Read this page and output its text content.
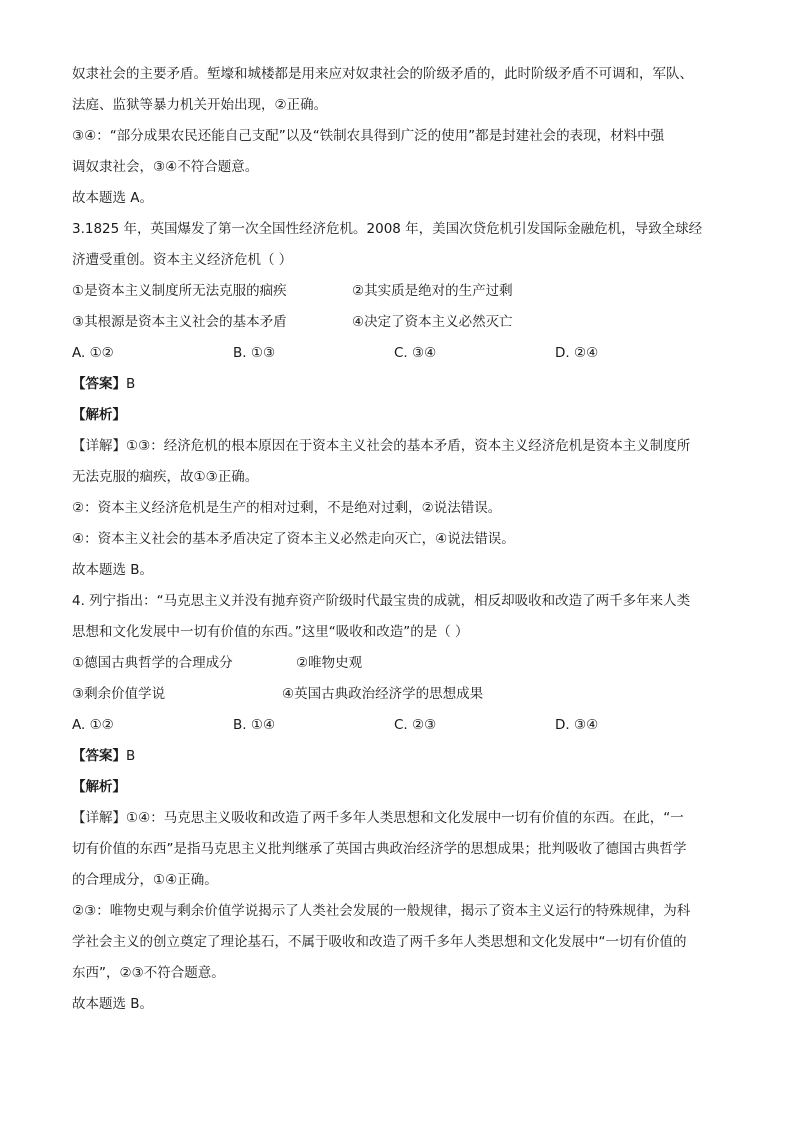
奴隶社会的主要矛盾。堑壕和城楼都是用来应对奴隶社会的阶级矛盾的，此时阶级矛盾不可调和，军队、
法庭、监狱等暴力机关开始出现，②正确。
③④：“部分成果农民还能自己支配”以及“铁制农具得到广泛的使用”都是封建社会的表现，材料中强
调奴隶社会，③④不符合题意。
故本题选 A。
3.1825 年，英国爆发了第一次全国性经济危机。2008 年，美国次贷危机引发国际金融危机，导致全球经
济遭受重创。资本主义经济危机（ ）
①是资本主义制度所无法克服的痼疾	②其实质是绝对的生产过剩
③其根源是资本主义社会的基本矛盾	④决定了资本主义必然灭亡
A. ①②	B. ①③	C. ③④	D. ②④
【答案】B
【解析】
【详解】①③：经济危机的根本原因在于资本主义社会的基本矛盾，资本主义经济危机是资本主义制度所
无法克服的痼疾，故①③正确。
②：资本主义经济危机是生产的相对过剩，不是绝对过剩，②说法错误。
④：资本主义社会的基本矛盾决定了资本主义必然走向灭亡，④说法错误。
故本题选 B。
4. 列宁指出：“马克思主义并没有抛弃资产阶级时代最宝贵的成就，相反却吸收和改造了两千多年来人类
思想和文化发展中一切有价值的东西。”这里“吸收和改造”的是（ ）
①德国古典哲学的合理成分	②唯物史观
③剩余价值学说	④英国古典政治经济学的思想成果
A. ①②	B. ①④	C. ②③	D. ③④
【答案】B
【解析】
【详解】①④：马克思主义吸收和改造了两千多年人类思想和文化发展中一切有价值的东西。在此，“一
切有价值的东西”是指马克思主义批判继承了英国古典政治经济学的思想成果；批判吸收了德国古典哲学
的合理成分，①④正确。
②③：唯物史观与剩余价值学说揭示了人类社会发展的一般规律，揭示了资本主义运行的特殊规律，为科
学社会主义的创立奠定了理论基石，不属于吸收和改造了两千多年人类思想和文化发展中“一切有价值的
东西”，②③不符合题意。
故本题选 B。
